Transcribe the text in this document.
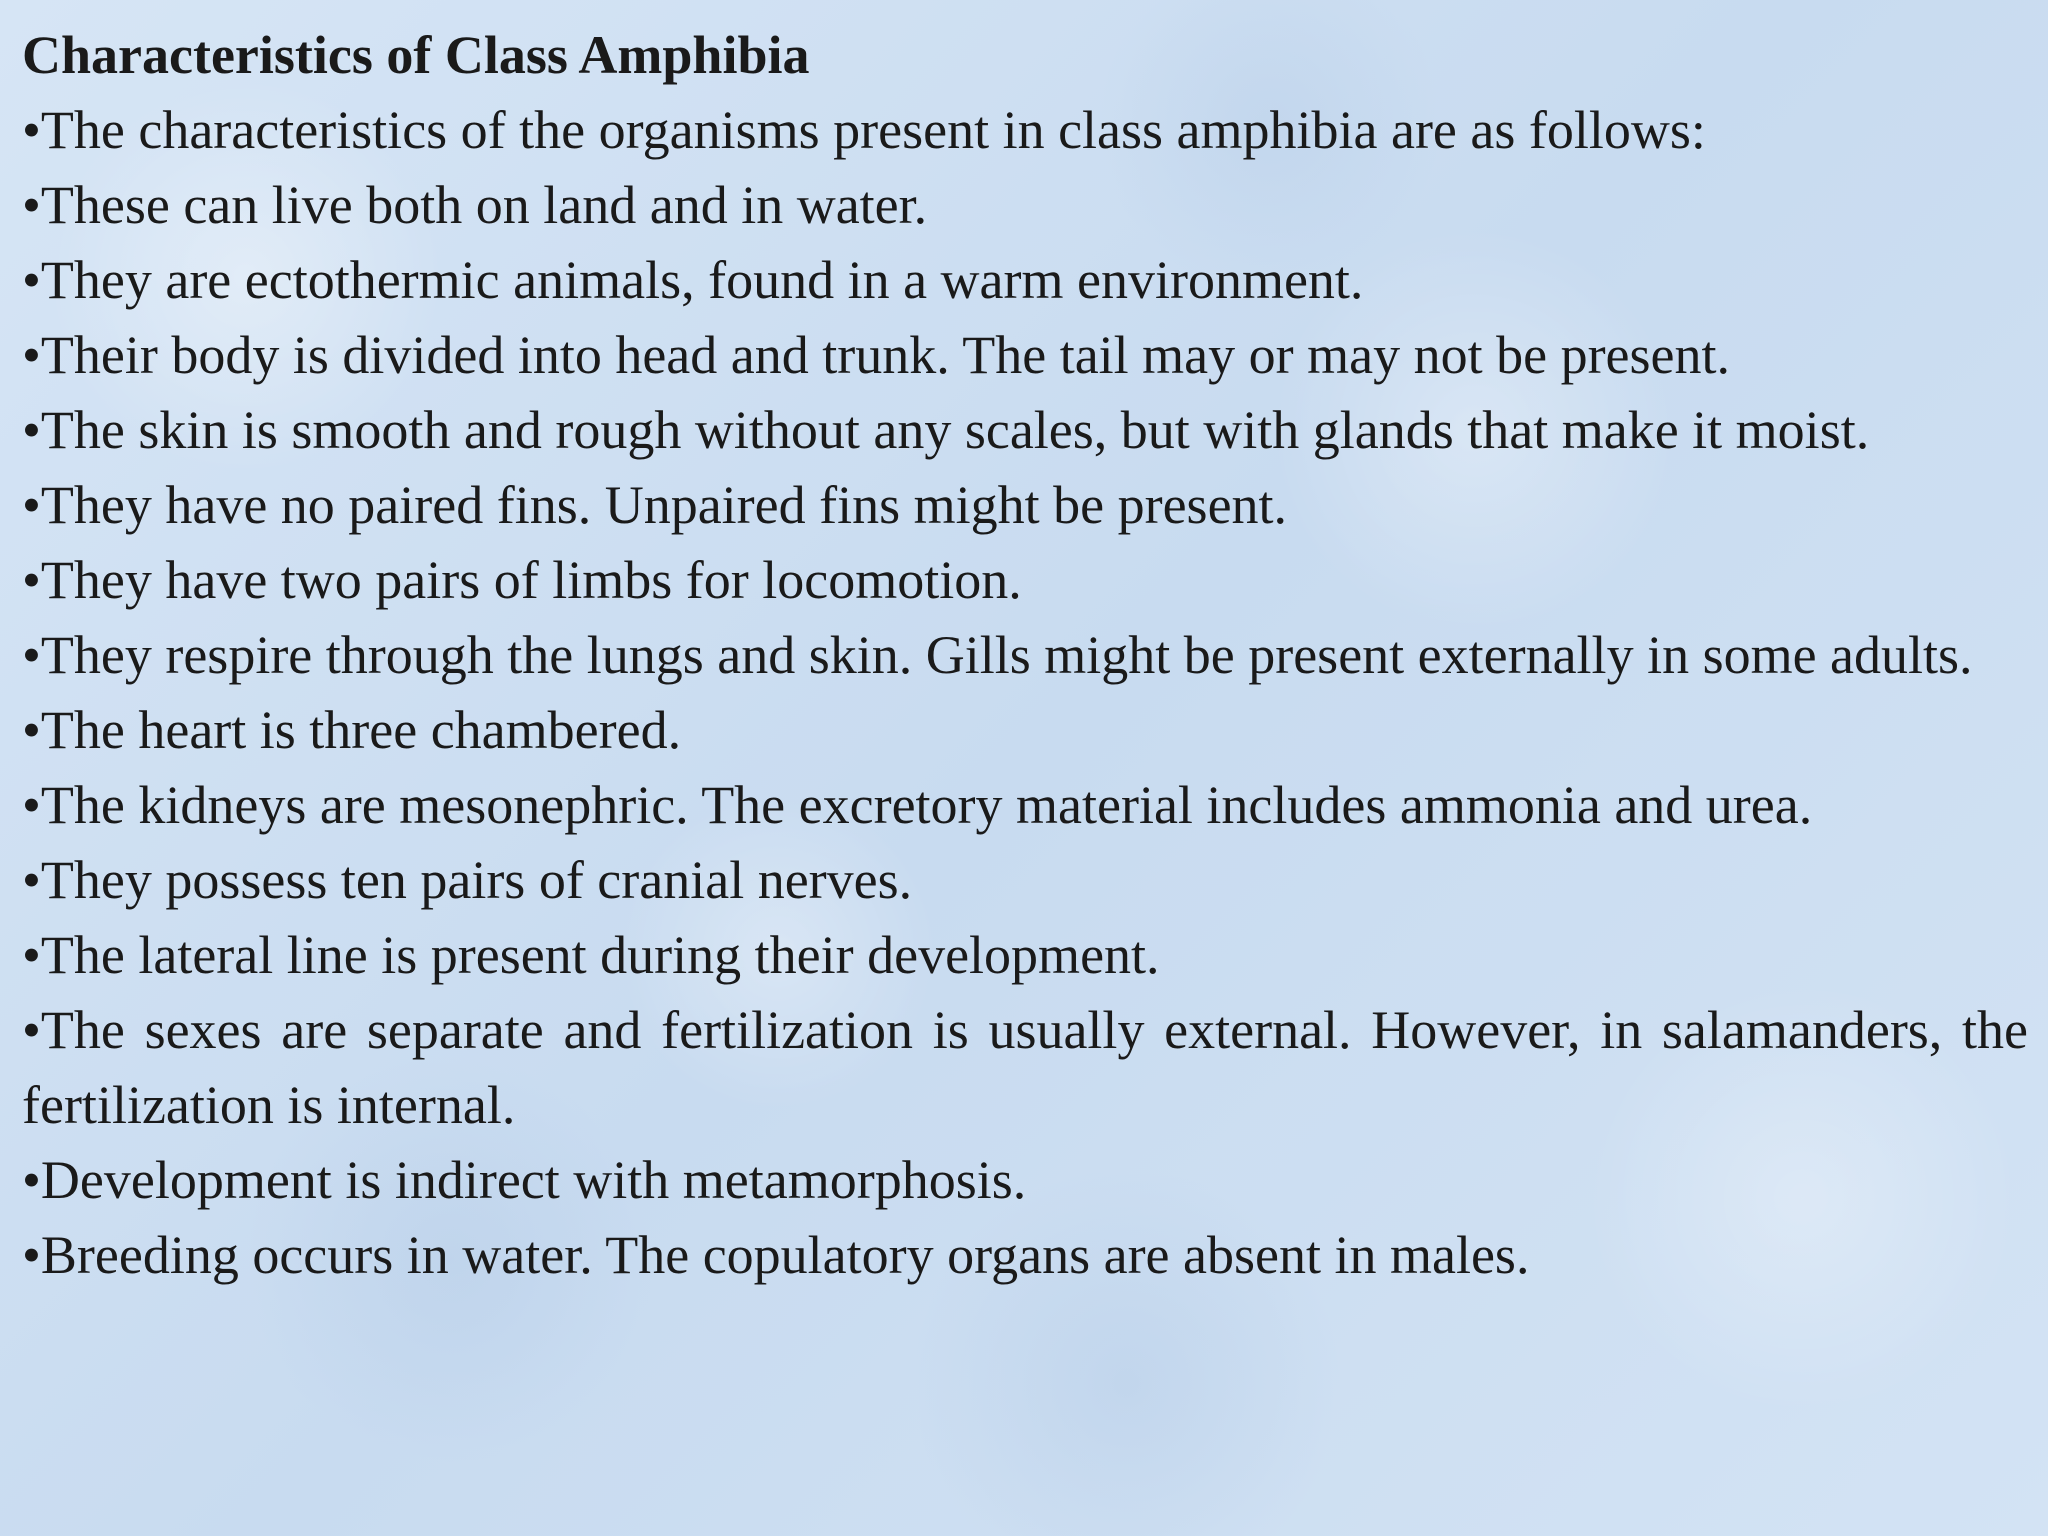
Characteristics of Class Amphibia

•The characteristics of the organisms present in class amphibia are as follows:

•These can live both on land and in water.

•They are ectothermic animals, found in a warm environment.

•Their body is divided into head and trunk. The tail may or may not be present.

•The skin is smooth and rough without any scales, but with glands that make it moist.

•They have no paired fins. Unpaired fins might be present.

•They have two pairs of limbs for locomotion.

•They respire through the lungs and skin. Gills might be present externally in some adults.

•The heart is three chambered.

•The kidneys are mesonephric. The excretory material includes ammonia and urea.

•They possess ten pairs of cranial nerves.

•The lateral line is present during their development.

•The sexes are separate and fertilization is usually external. However, in salamanders, the fertilization is internal.

•Development is indirect with metamorphosis.

•Breeding occurs in water. The copulatory organs are absent in males.
